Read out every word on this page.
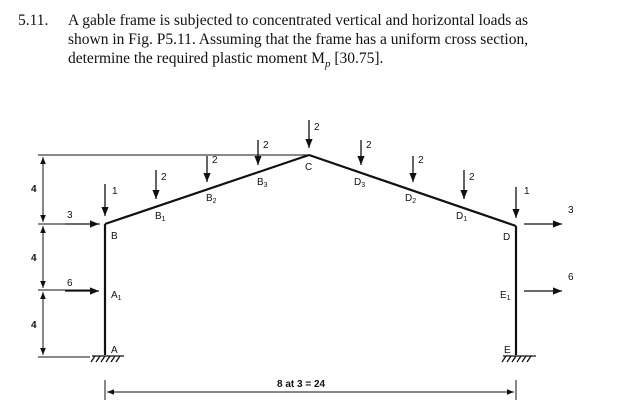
5.11. A gable frame is subjected to concentrated vertical and horizontal loads as
shown in Fig. P5.11. Assuming that the frame has a uniform cross section,
determine the required plastic moment $M_p$ [30.75].
4
4
4
8 at 3 = 24
1
2
2
2
2
2
2
2
1
3
6
3
6
B
$A_1$
A
$B_1$
$B_2$
$B_3$
C
$D_3$
$D_2$
$D_1$
D
$E_1$
E
